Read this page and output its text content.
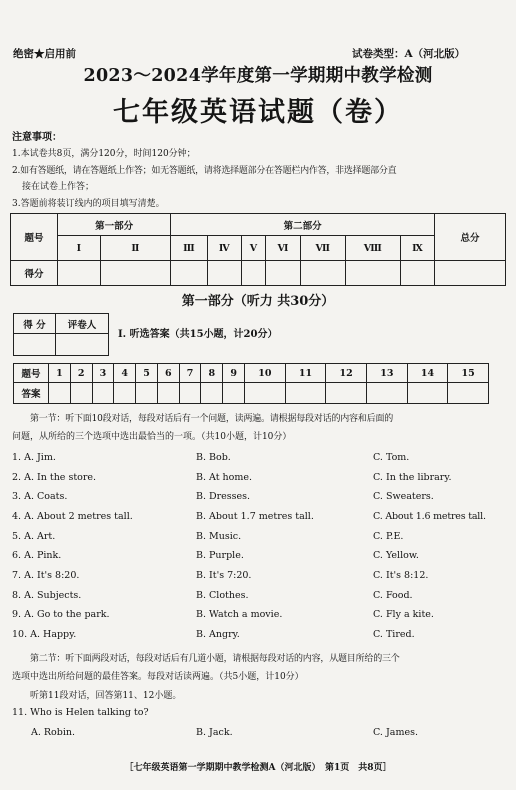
绝密★启用前	试卷类型：A（河北版）
2023～2024学年度第一学期期中教学检测
七年级英语试题（卷）
注意事项：
1.本试卷共8页，满分120分，时间120分钟；
2.如有答题纸，请在答题纸上作答；如无答题纸，请将选择题部分在答题栏内作答，非选择题部分直
接在试卷上作答；
3.答题前将装订线内的项目填写清楚。
题号	第一部分		第二部分							总分
	Ⅰ	Ⅱ	Ⅲ	Ⅳ	Ⅴ	Ⅵ	Ⅶ	Ⅷ	Ⅸ	
得分										
第一部分（听力 共30分）
得 分	评卷人

Ⅰ. 听选答案（共15小题，计20分）
题号	1	2	3	4	5	6	7	8	9	10	11	12	13	14	15
答案															
第一节：听下面10段对话，每段对话后有一个问题，读两遍。请根据每段对话的内容和后面的
问题，从所给的三个选项中选出最恰当的一项。（共10小题，计10分）
1. A. Jim.	B. Bob.	C. Tom.
2. A. In the store.	B. At home.	C. In the library.
3. A. Coats.	B. Dresses.	C. Sweaters.
4. A. About 2 metres tall.	B. About 1.7 metres tall.	C. About 1.6 metres tall.
5. A. Art.	B. Music.	C. P.E.
6. A. Pink.	B. Purple.	C. Yellow.
7. A. It's 8:20.	B. It's 7:20.	C. It's 8:12.
8. A. Subjects.	B. Clothes.	C. Food.
9. A. Go to the park.	B. Watch a movie.	C. Fly a kite.
10. A. Happy.	B. Angry.	C. Tired.
第二节：听下面两段对话，每段对话后有几道小题，请根据每段对话的内容，从题目所给的三个
选项中选出所给问题的最佳答案。每段对话读两遍。（共5小题，计10分）
听第11段对话，回答第11、12小题。
11. Who is Helen talking to?
A. Robin.	B. Jack.	C. James.
［七年级英语第一学期期中教学检测A（河北版）　第1页　共8页］
